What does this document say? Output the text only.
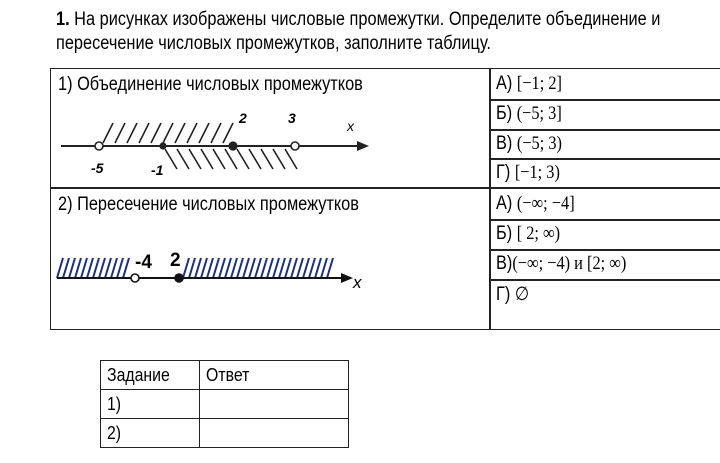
1. На рисунках изображены числовые промежутки. Определите объединение и
пересечение числовых промежутков, заполните таблицу.
1) Объединение числовых промежутков
-5	-1
2	3	x
А) [−1; 2]
Б) (−5; 3]
В) (−5; 3)
Г) [−1; 3)
2) Пересечение числовых промежутков
-4 2
x
А) (−∞; −4]
Б) [ 2; ∞)
В)(−∞; −4) и [2; ∞)
Г) ∅
Задание	Ответ
1)	
2)	
